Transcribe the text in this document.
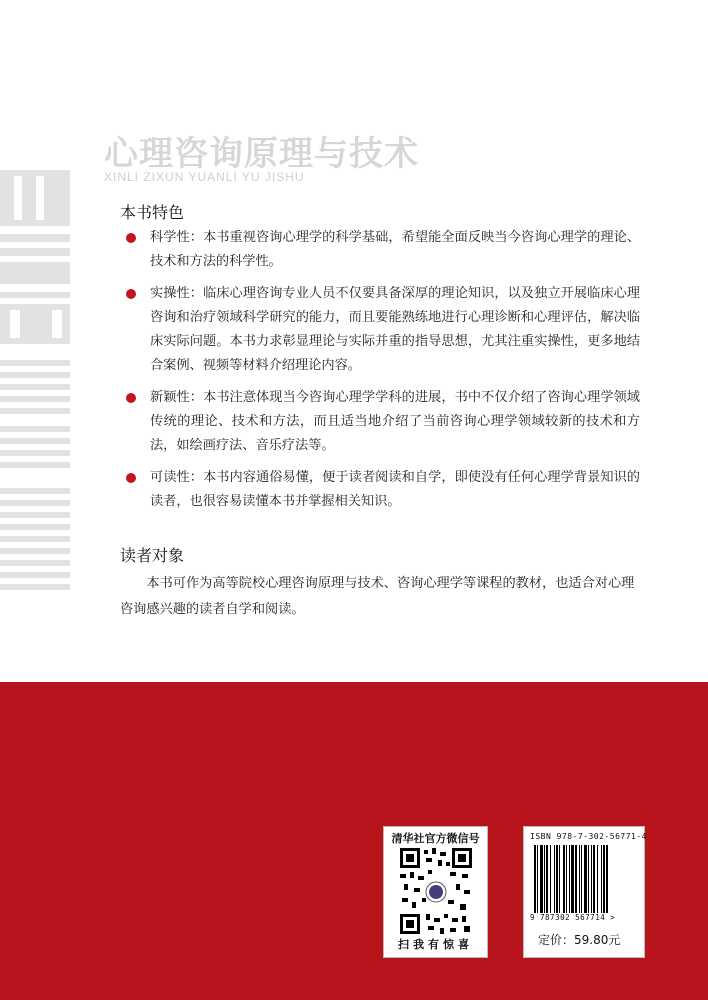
心理咨询原理与技术
XINLI ZIXUN YUANLI YU JISHU
本书特色
科学性：本书重视咨询心理学的科学基础，希望能全面反映当今咨询心理学的理论、技术和方法的科学性。
实操性：临床心理咨询专业人员不仅要具备深厚的理论知识，以及独立开展临床心理咨询和治疗领域科学研究的能力，而且要能熟练地进行心理诊断和心理评估，解决临床实际问题。本书力求彰显理论与实际并重的指导思想，尤其注重实操性，更多地结合案例、视频等材料介绍理论内容。
新颖性：本书注意体现当今咨询心理学学科的进展，书中不仅介绍了咨询心理学领域传统的理论、技术和方法，而且适当地介绍了当前咨询心理学领域较新的技术和方法，如绘画疗法、音乐疗法等。
可读性：本书内容通俗易懂，便于读者阅读和自学，即使没有任何心理学背景知识的读者，也很容易读懂本书并掌握相关知识。
读者对象

本书可作为高等院校心理咨询原理与技术、咨询心理学等课程的教材，也适合对心理咨询感兴趣的读者自学和阅读。

清华社官方微信号
扫我有惊喜
ISBN 978-7-302-56771-4
9 787302 567714 >
定价：59.80元
